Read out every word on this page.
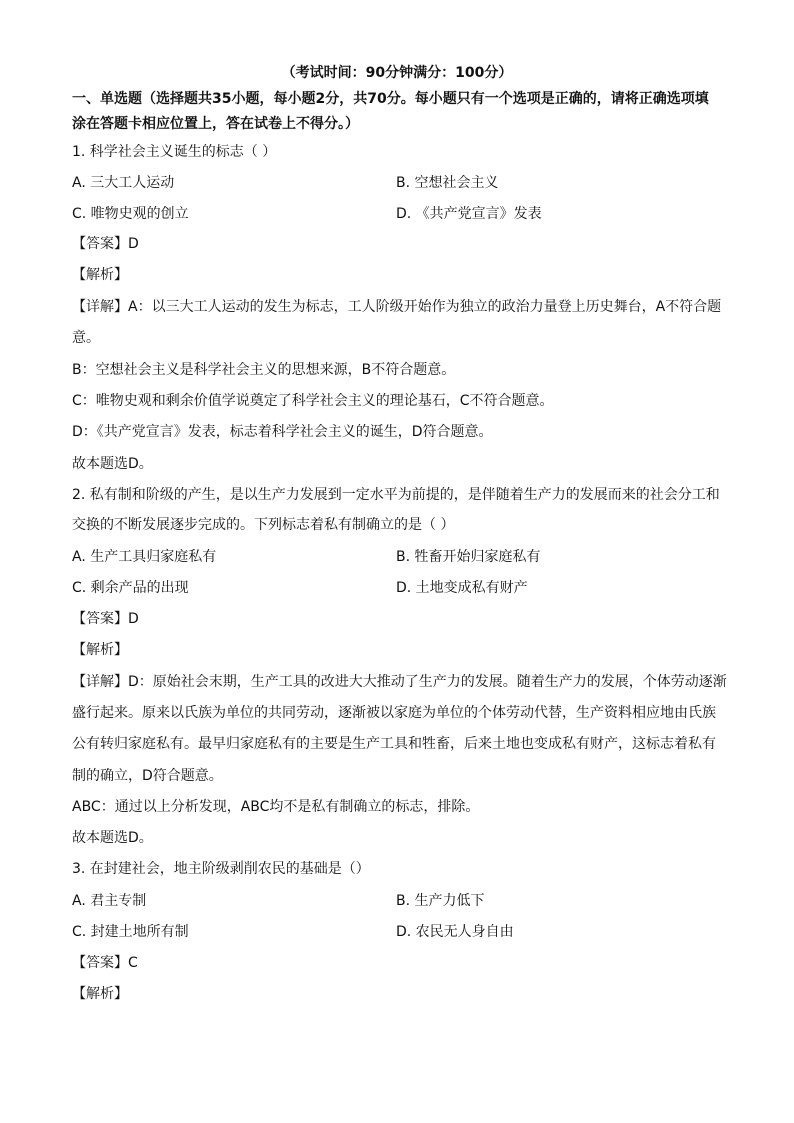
（考试时间：90分钟满分：100分）
一、单选题（选择题共35小题，每小题2分，共70分。每小题只有一个选项是正确的，请将正确选项填
涂在答题卡相应位置上，答在试卷上不得分。）
1. 科学社会主义诞生的标志（ ）
A. 三大工人运动	B. 空想社会主义
C. 唯物史观的创立	D. 《共产党宣言》发表
【答案】D
【解析】
【详解】A：以三大工人运动的发生为标志，工人阶级开始作为独立的政治力量登上历史舞台，A不符合题
意。
B：空想社会主义是科学社会主义的思想来源，B不符合题意。
C：唯物史观和剩余价值学说奠定了科学社会主义的理论基石，C不符合题意。
D：《共产党宣言》发表，标志着科学社会主义的诞生，D符合题意。
故本题选D。
2. 私有制和阶级的产生，是以生产力发展到一定水平为前提的，是伴随着生产力的发展而来的社会分工和
交换的不断发展逐步完成的。下列标志着私有制确立的是（ ）
A. 生产工具归家庭私有	B. 牲畜开始归家庭私有
C. 剩余产品的出现	D. 土地变成私有财产
【答案】D
【解析】
【详解】D：原始社会末期，生产工具的改进大大推动了生产力的发展。随着生产力的发展，个体劳动逐渐
盛行起来。原来以氏族为单位的共同劳动，逐渐被以家庭为单位的个体劳动代替，生产资料相应地由氏族
公有转归家庭私有。最早归家庭私有的主要是生产工具和牲畜，后来土地也变成私有财产，这标志着私有
制的确立，D符合题意。
ABC：通过以上分析发现，ABC均不是私有制确立的标志，排除。
故本题选D。
3. 在封建社会，地主阶级剥削农民的基础是（）
A. 君主专制	B. 生产力低下
C. 封建土地所有制	D. 农民无人身自由
【答案】C
【解析】
